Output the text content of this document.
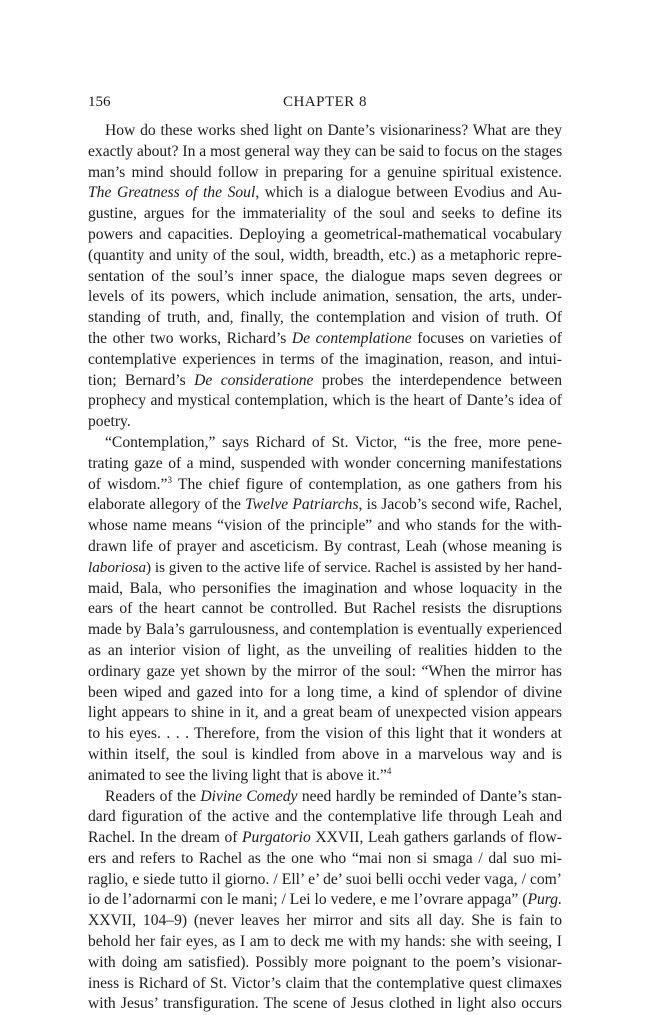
156	CHAPTER 8
How do these works shed light on Dante’s visionariness? What are they
exactly about? In a most general way they can be said to focus on the stages
man’s mind should follow in preparing for a genuine spiritual existence.
The Greatness of the Soul, which is a dialogue between Evodius and Au-
gustine, argues for the immateriality of the soul and seeks to define its
powers and capacities. Deploying a geometrical-mathematical vocabulary
(quantity and unity of the soul, width, breadth, etc.) as a metaphoric repre-
sentation of the soul’s inner space, the dialogue maps seven degrees or
levels of its powers, which include animation, sensation, the arts, under-
standing of truth, and, finally, the contemplation and vision of truth. Of
the other two works, Richard’s De contemplatione focuses on varieties of
contemplative experiences in terms of the imagination, reason, and intui-
tion; Bernard’s De consideratione probes the interdependence between
prophecy and mystical contemplation, which is the heart of Dante’s idea of
poetry.
“Contemplation,” says Richard of St. Victor, “is the free, more pene-
trating gaze of a mind, suspended with wonder concerning manifestations
of wisdom.”$^3$ The chief figure of contemplation, as one gathers from his
elaborate allegory of the Twelve Patriarchs, is Jacob’s second wife, Rachel,
whose name means “vision of the principle” and who stands for the with-
drawn life of prayer and asceticism. By contrast, Leah (whose meaning is
laboriosa) is given to the active life of service. Rachel is assisted by her hand-
maid, Bala, who personifies the imagination and whose loquacity in the
ears of the heart cannot be controlled. But Rachel resists the disruptions
made by Bala’s garrulousness, and contemplation is eventually experienced
as an interior vision of light, as the unveiling of realities hidden to the
ordinary gaze yet shown by the mirror of the soul: “When the mirror has
been wiped and gazed into for a long time, a kind of splendor of divine
light appears to shine in it, and a great beam of unexpected vision appears
to his eyes. . . . Therefore, from the vision of this light that it wonders at
within itself, the soul is kindled from above in a marvelous way and is
animated to see the living light that is above it.”$^4$
Readers of the Divine Comedy need hardly be reminded of Dante’s stan-
dard figuration of the active and the contemplative life through Leah and
Rachel. In the dream of Purgatorio XXVII, Leah gathers garlands of flow-
ers and refers to Rachel as the one who “mai non si smaga / dal suo mi-
raglio, e siede tutto il giorno. / Ell’ e’ de’ suoi belli occhi veder vaga, / com’
io de l’adornarmi con le mani; / Lei lo vedere, e me l’ovrare appaga” (Purg.
XXVII, 104–9) (never leaves her mirror and sits all day. She is fain to
behold her fair eyes, as I am to deck me with my hands: she with seeing, I
with doing am satisfied). Possibly more poignant to the poem’s visionar-
iness is Richard of St. Victor’s claim that the contemplative quest climaxes
with Jesus’ transfiguration. The scene of Jesus clothed in light also occurs
